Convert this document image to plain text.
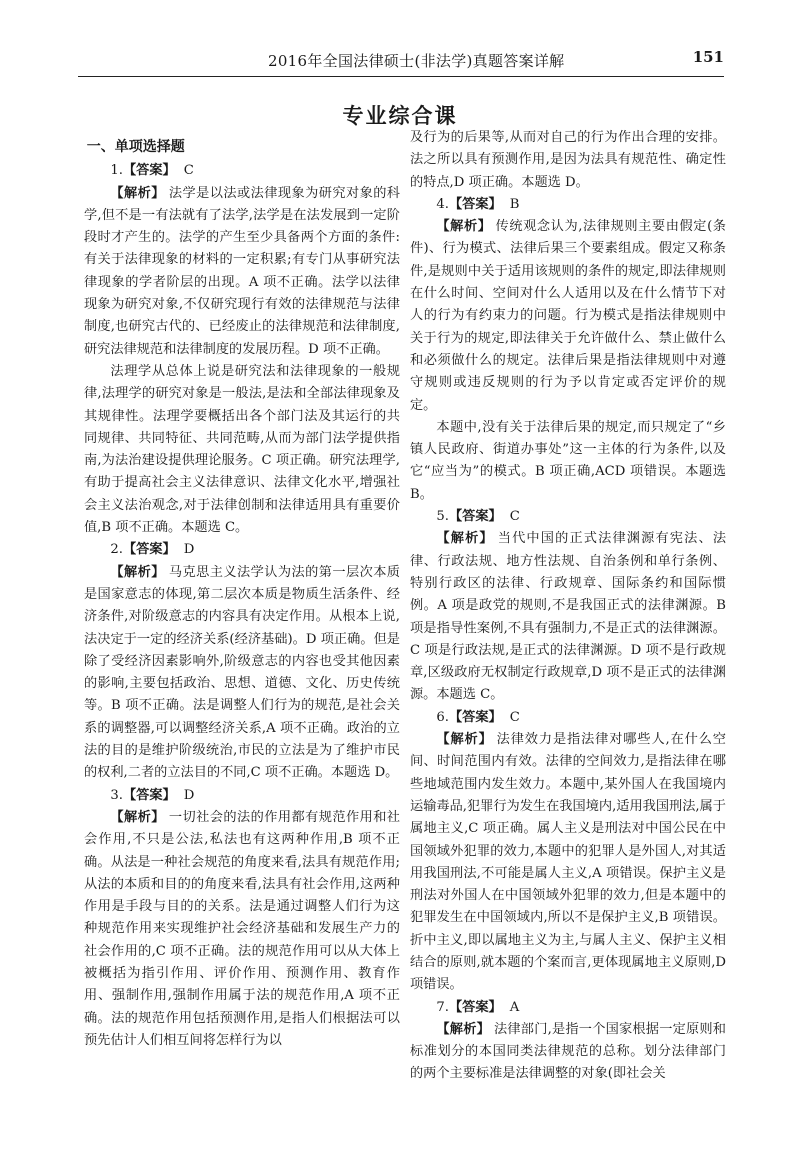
2016年全国法律硕士(非法学)真题答案详解	151
专业综合课
一、单项选择题
1.【答案】 C

【解析】 法学是以法或法律现象为研究对象的科学,但不是一有法就有了法学,法学是在法发展到一定阶段时才产生的。法学的产生至少具备两个方面的条件:有关于法律现象的材料的一定积累;有专门从事研究法律现象的学者阶层的出现。A 项不正确。法学以法律现象为研究对象,不仅研究现行有效的法律规范与法律制度,也研究古代的、已经废止的法律规范和法律制度,研究法律规范和法律制度的发展历程。D 项不正确。

法理学从总体上说是研究法和法律现象的一般规律,法理学的研究对象是一般法,是法和全部法律现象及其规律性。法理学要概括出各个部门法及其运行的共同规律、共同特征、共同范畴,从而为部门法学提供指南,为法治建设提供理论服务。C 项正确。研究法理学,有助于提高社会主义法律意识、法律文化水平,增强社会主义法治观念,对于法律创制和法律适用具有重要价值,B 项不正确。本题选 C。

2.【答案】 D

【解析】 马克思主义法学认为法的第一层次本质是国家意志的体现,第二层次本质是物质生活条件、经济条件,对阶级意志的内容具有决定作用。从根本上说,法决定于一定的经济关系(经济基础)。D 项正确。但是除了受经济因素影响外,阶级意志的内容也受其他因素的影响,主要包括政治、思想、道德、文化、历史传统等。B 项不正确。法是调整人们行为的规范,是社会关系的调整器,可以调整经济关系,A 项不正确。政治的立法的目的是维护阶级统治,市民的立法是为了维护市民的权利,二者的立法目的不同,C 项不正确。本题选 D。

3.【答案】 D

【解析】 一切社会的法的作用都有规范作用和社会作用,不只是公法,私法也有这两种作用,B 项不正确。从法是一种社会规范的角度来看,法具有规范作用;从法的本质和目的的角度来看,法具有社会作用,这两种作用是手段与目的的关系。法是通过调整人们行为这种规范作用来实现维护社会经济基础和发展生产力的社会作用的,C 项不正确。法的规范作用可以从大体上被概括为指引作用、评价作用、预测作用、教育作用、强制作用,强制作用属于法的规范作用,A 项不正确。法的规范作用包括预测作用,是指人们根据法可以预先估计人们相互间将怎样行为以

及行为的后果等,从而对自己的行为作出合理的安排。法之所以具有预测作用,是因为法具有规范性、确定性的特点,D 项正确。本题选 D。

4.【答案】 B

【解析】 传统观念认为,法律规则主要由假定(条件)、行为模式、法律后果三个要素组成。假定又称条件,是规则中关于适用该规则的条件的规定,即法律规则在什么时间、空间对什么人适用以及在什么情节下对人的行为有约束力的问题。行为模式是指法律规则中关于行为的规定,即法律关于允许做什么、禁止做什么和必须做什么的规定。法律后果是指法律规则中对遵守规则或违反规则的行为予以肯定或否定评价的规定。

本题中,没有关于法律后果的规定,而只规定了“乡镇人民政府、街道办事处”这一主体的行为条件,以及它“应当为”的模式。B 项正确,ACD 项错误。本题选 B。

5.【答案】 C

【解析】 当代中国的正式法律渊源有宪法、法律、行政法规、地方性法规、自治条例和单行条例、特别行政区的法律、行政规章、国际条约和国际惯例。A 项是政党的规则,不是我国正式的法律渊源。B 项是指导性案例,不具有强制力,不是正式的法律渊源。C 项是行政法规,是正式的法律渊源。D 项不是行政规章,区级政府无权制定行政规章,D 项不是正式的法律渊源。本题选 C。

6.【答案】 C

【解析】 法律效力是指法律对哪些人,在什么空间、时间范围内有效。法律的空间效力,是指法律在哪些地域范围内发生效力。本题中,某外国人在我国境内运输毒品,犯罪行为发生在我国境内,适用我国刑法,属于属地主义,C 项正确。属人主义是刑法对中国公民在中国领域外犯罪的效力,本题中的犯罪人是外国人,对其适用我国刑法,不可能是属人主义,A 项错误。保护主义是刑法对外国人在中国领域外犯罪的效力,但是本题中的犯罪发生在中国领域内,所以不是保护主义,B 项错误。折中主义,即以属地主义为主,与属人主义、保护主义相结合的原则,就本题的个案而言,更体现属地主义原则,D 项错误。

7.【答案】 A

【解析】 法律部门,是指一个国家根据一定原则和标准划分的本国同类法律规范的总称。划分法律部门的两个主要标准是法律调整的对象(即社会关
